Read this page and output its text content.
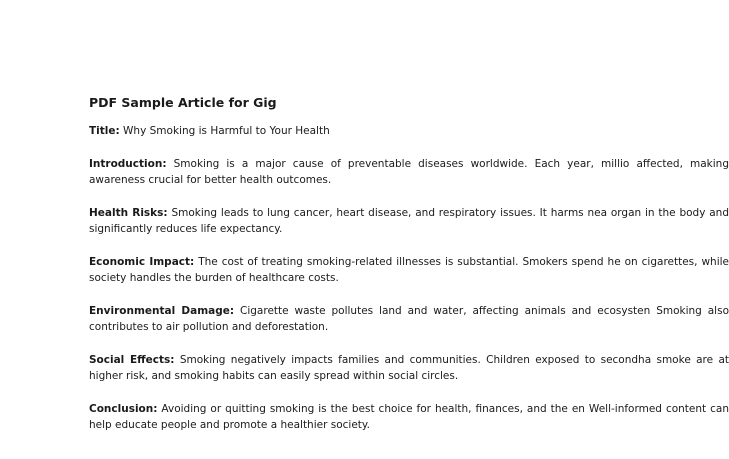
PDF Sample Article for Gig

Title: Why Smoking is Harmful to Your Health

Introduction: Smoking is a major cause of preventable diseases worldwide. Each year, millio affected, making awareness crucial for better health outcomes.

Health Risks: Smoking leads to lung cancer, heart disease, and respiratory issues. It harms nea organ in the body and significantly reduces life expectancy.

Economic Impact: The cost of treating smoking-related illnesses is substantial. Smokers spend he on cigarettes, while society handles the burden of healthcare costs.

Environmental Damage: Cigarette waste pollutes land and water, affecting animals and ecosysten Smoking also contributes to air pollution and deforestation.

Social Effects: Smoking negatively impacts families and communities. Children exposed to secondha smoke are at higher risk, and smoking habits can easily spread within social circles.

Conclusion: Avoiding or quitting smoking is the best choice for health, finances, and the en Well-informed content can help educate people and promote a healthier society.
